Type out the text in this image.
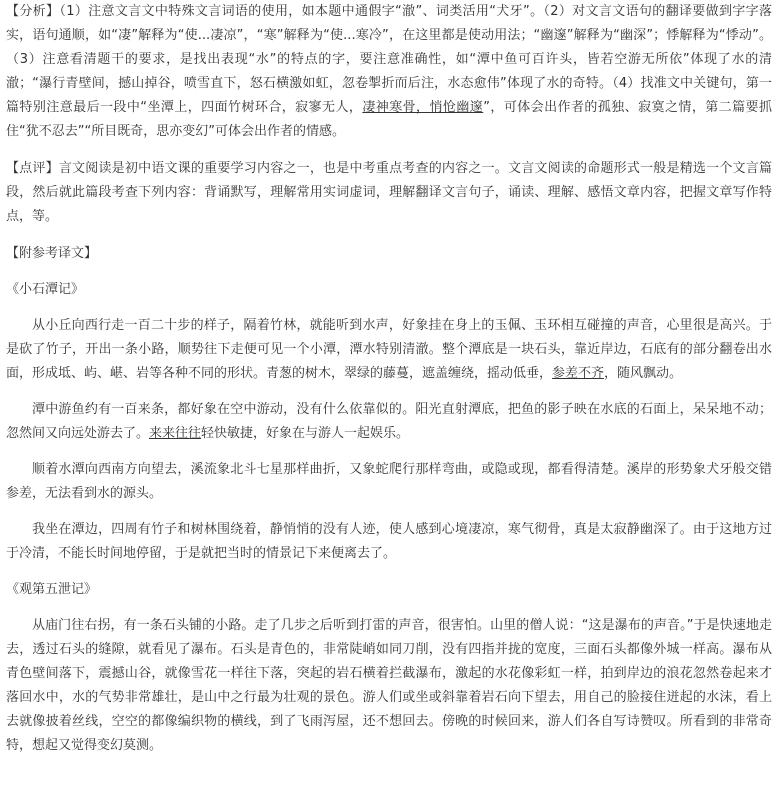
【分析】（1）注意文言文中特殊文言词语的使用，如本题中通假字“澈”、词类活用“犬牙”。（2）对文言文语句的翻译要做到字字落实，语句通顺，如“凄”解释为“使...凄凉”，“寒”解释为“使...寒冷”，在这里都是使动用法；“幽邃”解释为“幽深”；悸解释为“悸动”。（3）注意看清题干的要求，是找出表现“水”的特点的字，要注意准确性，如“潭中鱼可百许头，皆若空游无所依”体现了水的清澈；“瀑行青壁间，撼山掉谷，喷雪直下，怒石横激如虹，忽卷掣折而后注，水态愈伟”体现了水的奇特。（4）找准文中关键句，第一篇特别注意最后一段中“坐潭上，四面竹树环合，寂寥无人，凄神寒骨，悄怆幽邃”，可体会出作者的孤独、寂寞之情，第二篇要抓住“犹不忍去”“所目既奇，思亦变幻”可体会出作者的情感。

【点评】言文阅读是初中语文课的重要学习内容之一，也是中考重点考查的内容之一。文言文阅读的命题形式一般是精选一个文言篇段，然后就此篇段考查下列内容：背诵默写，理解常用实词虚词，理解翻译文言句子，诵读、理解、感悟文章内容，把握文章写作特点，等。

【附参考译文】

《小石潭记》

从小丘向西行走一百二十步的样子，隔着竹林，就能听到水声，好象挂在身上的玉佩、玉环相互碰撞的声音，心里很是高兴。于是砍了竹子，开出一条小路，顺势往下走便可见一个小潭，潭水特别清澈。整个潭底是一块石头，靠近岸边，石底有的部分翻卷出水面，形成坻、屿、嵁、岩等各种不同的形状。青葱的树木，翠绿的藤蔓，遮盖缠绕，摇动低垂，参差不齐，随风飘动。

潭中游鱼约有一百来条，都好象在空中游动，没有什么依靠似的。阳光直射潭底，把鱼的影子映在水底的石面上，呆呆地不动；忽然间又向远处游去了。来来往往轻快敏捷，好象在与游人一起娱乐。

顺着水潭向西南方向望去，溪流象北斗七星那样曲折，又象蛇爬行那样弯曲，或隐或现，都看得清楚。溪岸的形势象犬牙般交错参差，无法看到水的源头。

我坐在潭边，四周有竹子和树林围绕着，静悄悄的没有人迹，使人感到心境凄凉，寒气彻骨，真是太寂静幽深了。由于这地方过于冷清，不能长时间地停留，于是就把当时的情景记下来便离去了。

《观第五泄记》

从庙门往右拐，有一条石头铺的小路。走了几步之后听到打雷的声音，很害怕。山里的僧人说：“这是瀑布的声音。”于是快速地走去，透过石头的缝隙，就看见了瀑布。石头是青色的，非常陡峭如同刀削，没有四指并拢的宽度，三面石头都像外城一样高。瀑布从青色壁间落下，震撼山谷，就像雪花一样往下落，突起的岩石横着拦截瀑布，激起的水花像彩虹一样，拍到岸边的浪花忽然卷起来才落回水中，水的气势非常雄壮，是山中之行最为壮观的景色。游人们或坐或斜靠着岩石向下望去，用自己的脸接住迸起的水沫，看上去就像披着丝线，空空的都像编织物的横线，到了飞雨泻屋，还不想回去。傍晚的时候回来，游人们各自写诗赞叹。所看到的非常奇特，想起又觉得变幻莫测。
